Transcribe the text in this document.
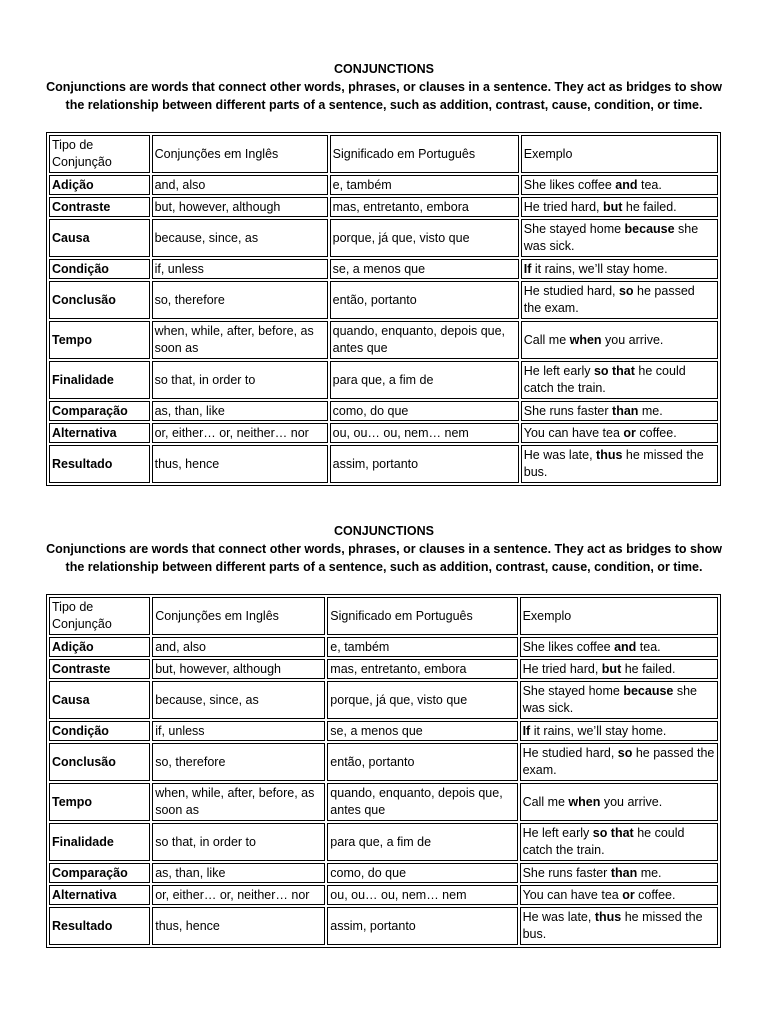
CONJUNCTIONS
Conjunctions are words that connect other words, phrases, or clauses in a sentence. They act as bridges to show the relationship between different parts of a sentence, such as addition, contrast, cause, condition, or time.
Tipo de Conjunção	Conjunções em Inglês	Significado em Português	Exemplo
Adição	and, also	e, também	She likes coffee and tea.
Contraste	but, however, although	mas, entretanto, embora	He tried hard, but he failed.
Causa	because, since, as	porque, já que, visto que	She stayed home because she was sick.
Condição	if, unless	se, a menos que	If it rains, we’ll stay home.
Conclusão	so, therefore	então, portanto	He studied hard, so he passed the exam.
Tempo	when, while, after, before, as soon as	quando, enquanto, depois que, antes que	Call me when you arrive.
Finalidade	so that, in order to	para que, a fim de	He left early so that he could catch the train.
Comparação	as, than, like	como, do que	She runs faster than me.
Alternativa	or, either… or, neither… nor	ou, ou… ou, nem… nem	You can have tea or coffee.
Resultado	thus, hence	assim, portanto	He was late, thus he missed the bus.
CONJUNCTIONS
Conjunctions are words that connect other words, phrases, or clauses in a sentence. They act as bridges to show the relationship between different parts of a sentence, such as addition, contrast, cause, condition, or time.
Tipo de Conjunção	Conjunções em Inglês	Significado em Português	Exemplo
Adição	and, also	e, também	She likes coffee and tea.
Contraste	but, however, although	mas, entretanto, embora	He tried hard, but he failed.
Causa	because, since, as	porque, já que, visto que	She stayed home because she was sick.
Condição	if, unless	se, a menos que	If it rains, we’ll stay home.
Conclusão	so, therefore	então, portanto	He studied hard, so he passed the exam.
Tempo	when, while, after, before, as soon as	quando, enquanto, depois que, antes que	Call me when you arrive.
Finalidade	so that, in order to	para que, a fim de	He left early so that he could catch the train.
Comparação	as, than, like	como, do que	She runs faster than me.
Alternativa	or, either… or, neither… nor	ou, ou… ou, nem… nem	You can have tea or coffee.
Resultado	thus, hence	assim, portanto	He was late, thus he missed the bus.
